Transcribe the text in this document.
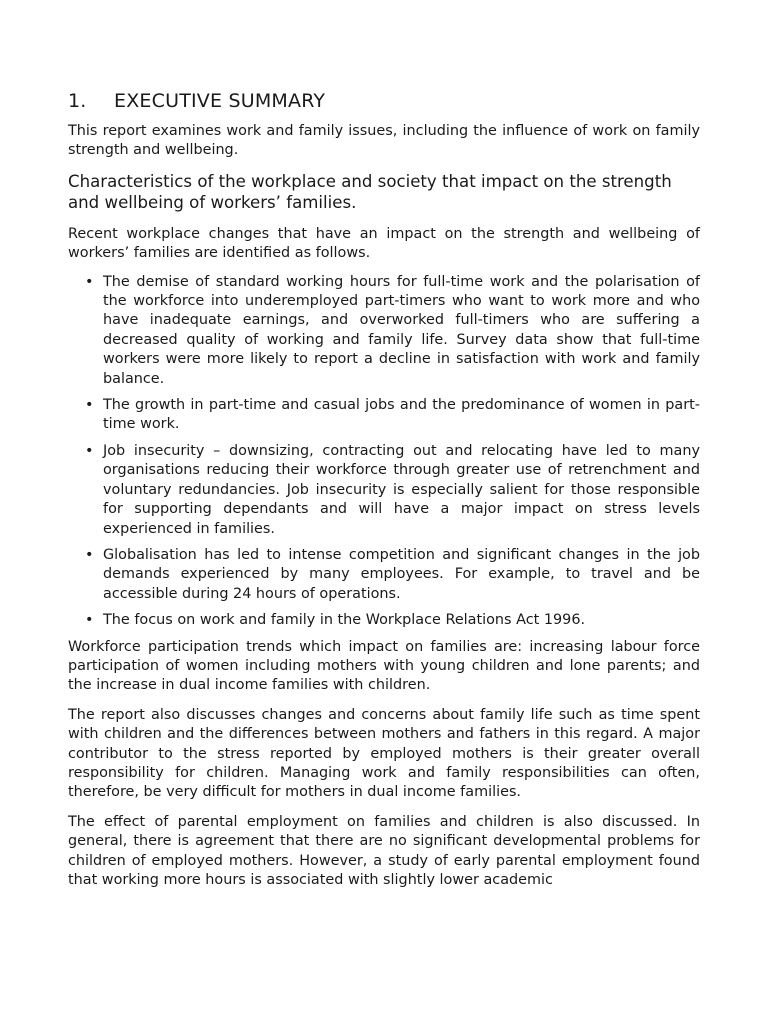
1.	EXECUTIVE SUMMARY

This report examines work and family issues, including the influence of work on family strength and wellbeing.

Characteristics of the workplace and society that impact on the strength and wellbeing of workers’ families.

Recent workplace changes that have an impact on the strength and wellbeing of workers’ families are identified as follows.

• The demise of standard working hours for full-time work and the polarisation of the workforce into underemployed part-timers who want to work more and who have inadequate earnings, and overworked full-timers who are suffering a decreased quality of working and family life. Survey data show that full-time workers were more likely to report a decline in satisfaction with work and family balance.
• The growth in part-time and casual jobs and the predominance of women in part-time work.
• Job insecurity – downsizing, contracting out and relocating have led to many organisations reducing their workforce through greater use of retrenchment and voluntary redundancies. Job insecurity is especially salient for those responsible for supporting dependants and will have a major impact on stress levels experienced in families.
• Globalisation has led to intense competition and significant changes in the job demands experienced by many employees. For example, to travel and be accessible during 24 hours of operations.
• The focus on work and family in the Workplace Relations Act 1996.

Workforce participation trends which impact on families are: increasing labour force participation of women including mothers with young children and lone parents; and the increase in dual income families with children.

The report also discusses changes and concerns about family life such as time spent with children and the differences between mothers and fathers in this regard. A major contributor to the stress reported by employed mothers is their greater overall responsibility for children. Managing work and family responsibilities can often, therefore, be very difficult for mothers in dual income families.

The effect of parental employment on families and children is also discussed. In general, there is agreement that there are no significant developmental problems for children of employed mothers. However, a study of early parental employment found that working more hours is associated with slightly lower academic
